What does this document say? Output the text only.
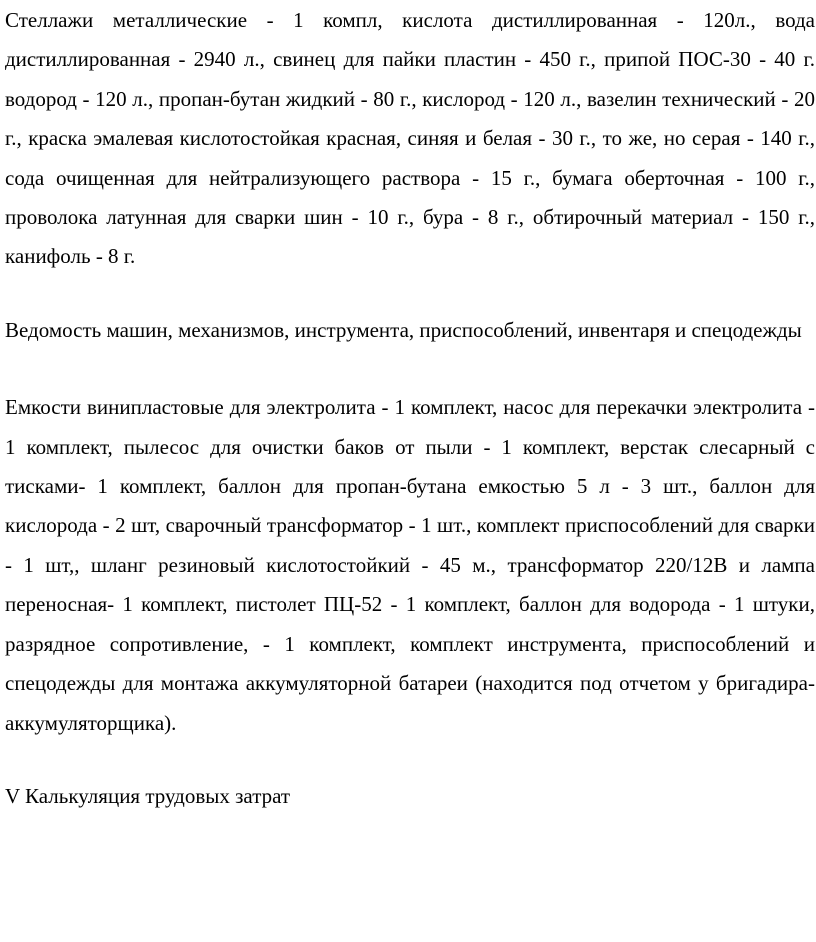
Стеллажи металлические - 1 компл, кислота дистиллированная - 120л., вода дистиллированная - 2940 л., свинец для пайки пластин - 450 г., припой ПОС-30 - 40 г. водород - 120 л., пропан-бутан жидкий - 80 г., кислород - 120 л., вазелин технический - 20 г., краска эмалевая кислотостойкая красная, синяя и белая - 30 г., то же, но серая - 140 г., сода очищенная для нейтрализующего раствора - 15 г., бумага оберточная - 100 г., проволока латунная для сварки шин - 10 г., бура - 8 г., обтирочный материал - 150 г., канифоль - 8 г.

Ведомость машин, механизмов, инструмента, приспособлений, инвентаря и спецодежды

Емкости винипластовые для электролита - 1 комплект, насос для перекачки электролита - 1 комплект, пылесос для очистки баков от пыли - 1 комплект, верстак слесарный с тисками- 1 комплект, баллон для пропан-бутана емкостью 5 л - 3 шт., баллон для кислорода - 2 шт, сварочный трансформатор - 1 шт., комплект приспособлений для сварки - 1 шт,, шланг резиновый кислотостойкий - 45 м., трансформатор 220/12В и лампа переносная- 1 комплект, пистолет ПЦ-52 - 1 комплект, баллон для водорода - 1 штуки, разрядное сопротивление, - 1 комплект, комплект инструмента, приспособлений и спецодежды для монтажа аккумуляторной батареи (находится под отчетом у бригадира-аккумуляторщика).

V Калькуляция трудовых затрат
